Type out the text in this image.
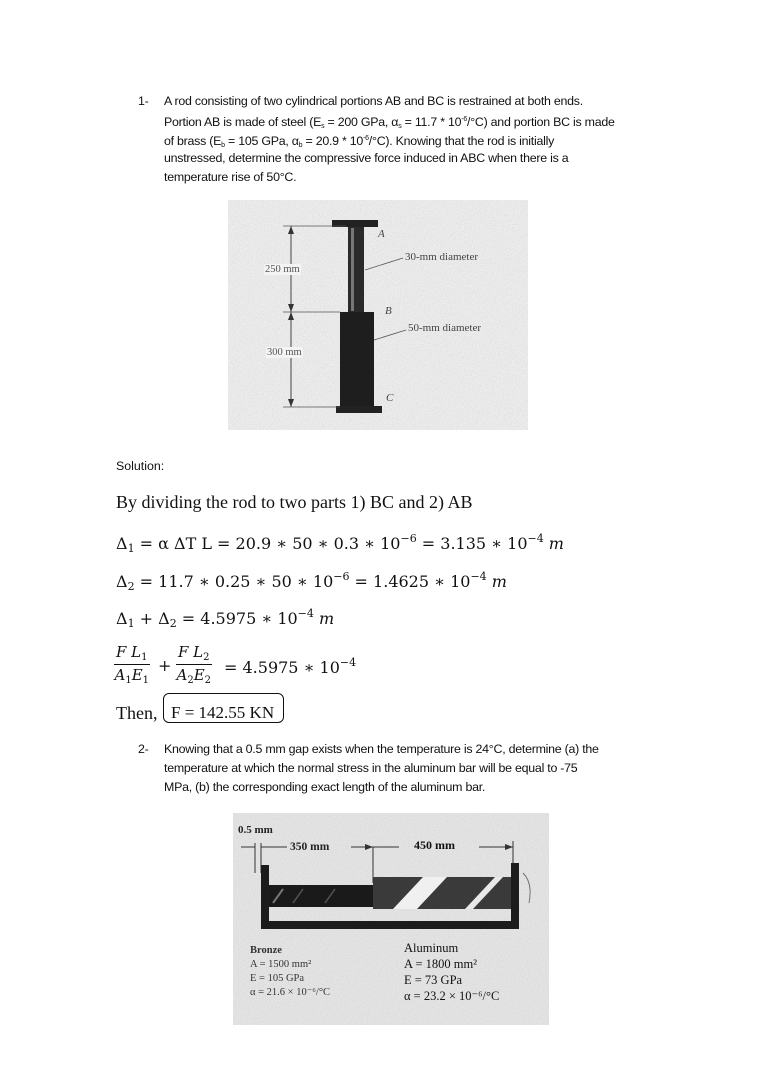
1- A rod consisting of two cylindrical portions AB and BC is restrained at both ends.
Portion AB is made of steel ($E_s = 200$ GPa, $\alpha_s = 11.7 * 10^{-6}/^\circ C$) and portion BC is made
of brass ($E_b = 105$ GPa, $\alpha_b = 20.9 * 10^{-6}/^\circ C$). Knowing that the rod is initially
unstressed, determine the compressive force induced in ABC when there is a
temperature rise of 50°C.
A
B
C
250 mm
300 mm
30-mm diameter
50-mm diameter
Solution:
By dividing the rod to two parts 1) BC and 2) AB
Δ1 = α ΔT L = 20.9 ∗ 50 ∗ 0.3 ∗ $10^{-6} = 3.135$ ∗ $10^{-4}$ m
Δ2 = 11.7 ∗ 0.25 ∗ 50 ∗ $10^{-6} = 1.4625$ ∗ $10^{-4}$ m
Δ1 + Δ2 = 4.5975 ∗ $10^{-4}$ m
F $L_1$
$A_1E_1$
+
F $L_2$
$A_2E_2$
= 4.5975 ∗ $10^{-4}$
Then, F = 142.55 KN
2- Knowing that a 0.5 mm gap exists when the temperature is 24°C, determine (a) the
temperature at which the normal stress in the aluminum bar will be equal to -75
MPa, (b) the corresponding exact length of the aluminum bar.
0.5 mm
350 mm	450 mm
Bronze
A = 1500 mm²
E = 105 GPa
α = 21.6 × 10⁻⁶/°C
Aluminum
A = 1800 mm²
E = 73 GPa
α = 23.2 × 10⁻⁶/°C
